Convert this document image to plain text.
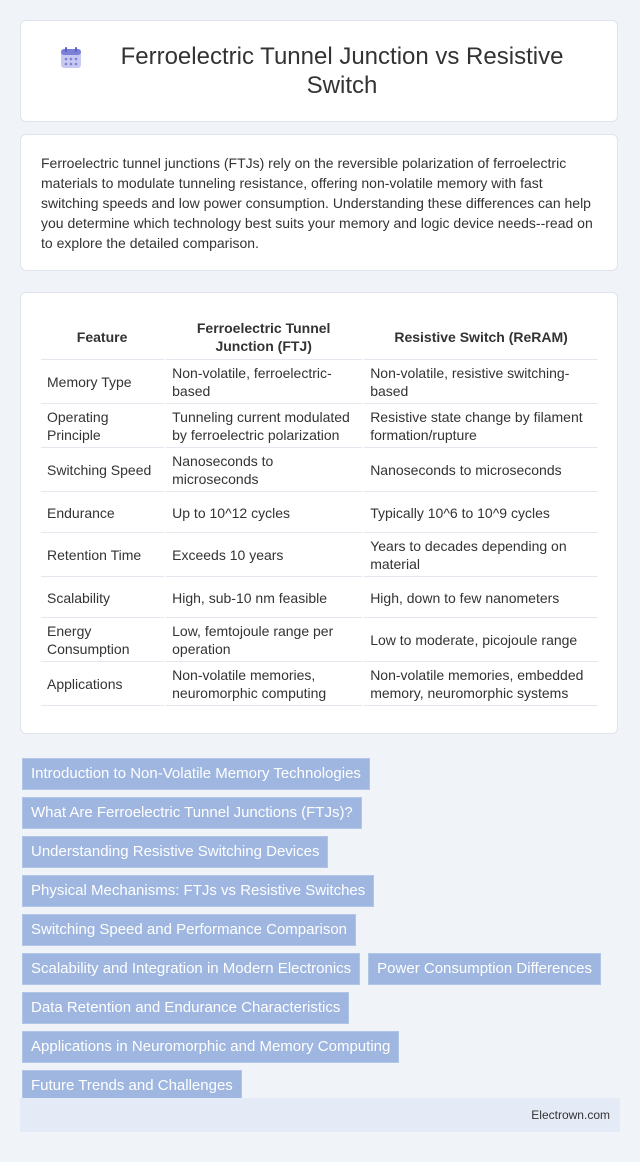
Ferroelectric Tunnel Junction vs Resistive Switch

Ferroelectric tunnel junctions (FTJs) rely on the reversible polarization of ferroelectric materials to modulate tunneling resistance, offering non-volatile memory with fast switching speeds and low power consumption. Understanding these differences can help you determine which technology best suits your memory and logic device needs--read on to explore the detailed comparison.

Feature	Ferroelectric Tunnel Junction (FTJ)	Resistive Switch (ReRAM)
Memory Type	Non-volatile, ferroelectric-based	Non-volatile, resistive switching-based
Operating Principle	Tunneling current modulated by ferroelectric polarization	Resistive state change by filament formation/rupture
Switching Speed	Nanoseconds to microseconds	Nanoseconds to microseconds
Endurance	Up to 10^12 cycles	Typically 10^6 to 10^9 cycles
Retention Time	Exceeds 10 years	Years to decades depending on material
Scalability	High, sub-10 nm feasible	High, down to few nanometers
Energy Consumption	Low, femtojoule range per operation	Low to moderate, picojoule range
Applications	Non-volatile memories, neuromorphic computing	Non-volatile memories, embedded memory, neuromorphic systems
Introduction to Non-Volatile Memory Technologies
What Are Ferroelectric Tunnel Junctions (FTJs)?
Understanding Resistive Switching Devices
Physical Mechanisms: FTJs vs Resistive Switches
Switching Speed and Performance Comparison
Scalability and Integration in Modern Electronics	Power Consumption Differences
Data Retention and Endurance Characteristics
Applications in Neuromorphic and Memory Computing
Future Trends and Challenges
Electrown.com
